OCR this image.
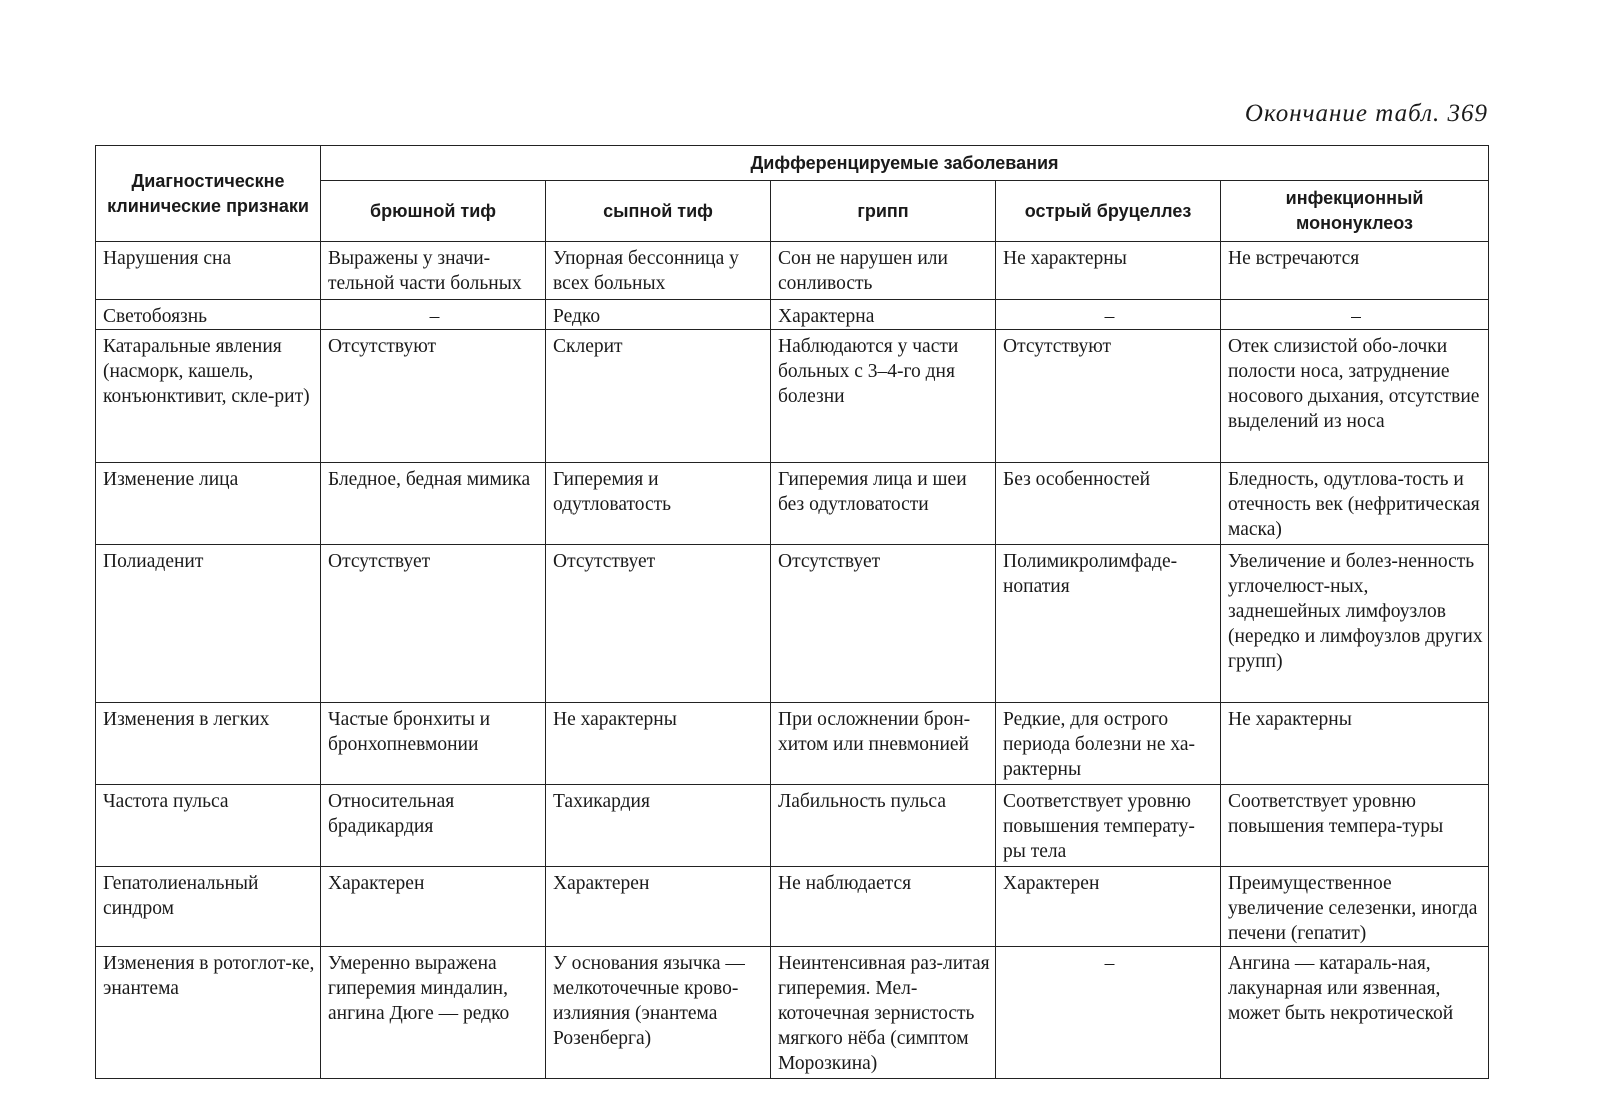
Окончание табл. 369
Диагностическне клинические признаки	Дифференцируемые заболевания				
	брюшной тиф	сыпной тиф	грипп	острый бруцеллез	инфекционный мононуклеоз
Нарушения сна	Выражены у значи-тельной части больных	Упорная бессонница у всех больных	Сон не нарушен или сонливость	Не характерны	Не встречаются
Светобоязнь	–	Редко	Характерна	–	–
Катаральные явления (насморк, кашель, конъюнктивит, скле-рит)	Отсутствуют	Склерит	Наблюдаются у части больных с 3–4-го дня болезни	Отсутствуют	Отек слизистой обо-лочки полости носа, затруднение носового дыхания, отсутствие выделений из носа
Изменение лица	Бледное, бедная мимика	Гиперемия и одутловатость	Гиперемия лица и шеи без одутловатости	Без особенностей	Бледность, одутлова-тость и отечность век (нефритическая маска)
Полиаденит	Отсутствует	Отсутствует	Отсутствует	Полимикролимфаде-нопатия	Увеличение и болез-ненность углочелюст-ных, заднешейных лимфоузлов (нередко и лимфоузлов других групп)
Изменения в легких	Частые бронхиты и бронхопневмонии	Не характерны	При осложнении брон-хитом или пневмонией	Редкие, для острого периода болезни не ха-рактерны	Не характерны
Частота пульса	Относительная брадикардия	Тахикардия	Лабильность пульса	Соответствует уровню повышения температу-ры тела	Соответствует уровню повышения темпера-туры
Гепатолиенальный синдром	Характерен	Характерен	Не наблюдается	Характерен	Преимущественное увеличение селезенки, иногда печени (гепатит)
Изменения в ротоглот-ке, энантема	Умеренно выражена гиперемия миндалин, ангина Дюге — редко	У основания язычка — мелкоточечные крово-излияния (энантема Розенберга)	Неинтенсивная раз-литая гиперемия. Мел-коточечная зернистость мягкого нёба (симптом Морозкина)	–	Ангина — катараль-ная, лакунарная или язвенная, может быть некротической
